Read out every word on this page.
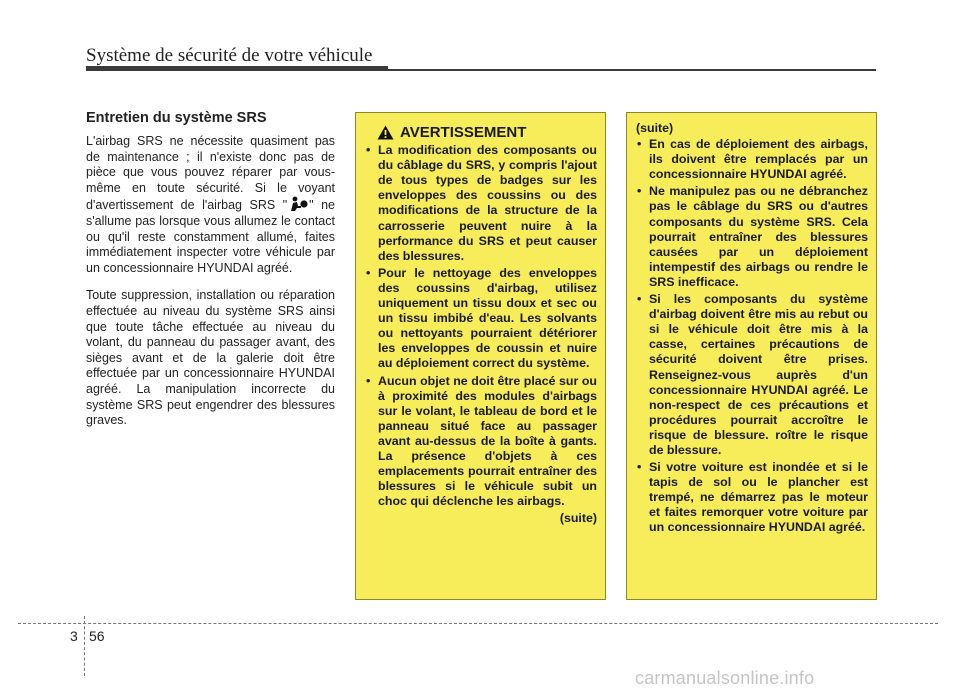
Système de sécurité de votre véhicule
Entretien du système SRS

L'airbag SRS ne nécessite quasiment pas de maintenance ; il n'existe donc pas de pièce que vous pouvez réparer par vous-même en toute sécurité. Si le voyant d'avertissement de l'airbag SRS " " ne s'allume pas lorsque vous allumez le contact ou qu'il reste constamment allumé, faites immédiatement inspecter votre véhicule par un concessionnaire HYUNDAI agréé.

Toute suppression, installation ou réparation effectuée au niveau du système SRS ainsi que toute tâche effectuée au niveau du volant, du panneau du passager avant, des sièges avant et de la galerie doit être effectuée par un concessionnaire HYUNDAI agréé. La manipulation incorrecte du système SRS peut engendrer des blessures graves.

AVERTISSEMENT
• La modification des composants ou du câblage du SRS, y compris l'ajout de tous types de badges sur les enveloppes des coussins ou des modifications de la structure de la carrosserie peuvent nuire à la performance du SRS et peut causer des blessures.
• Pour le nettoyage des enveloppes des coussins d'airbag, utilisez uniquement un tissu doux et sec ou un tissu imbibé d'eau. Les solvants ou nettoyants pourraient détériorer les enveloppes de coussin et nuire au déploiement correct du système.
• Aucun objet ne doit être placé sur ou à proximité des modules d'airbags sur le volant, le tableau de bord et le panneau situé face au passager avant au-dessus de la boîte à gants. La présence d'objets à ces emplacements pourrait entraîner des blessures si le véhicule subit un choc qui déclenche les airbags.
(suite)
(suite)
• En cas de déploiement des airbags, ils doivent être remplacés par un concessionnaire HYUNDAI agréé.
• Ne manipulez pas ou ne débranchez pas le câblage du SRS ou d'autres composants du système SRS. Cela pourrait entraîner des blessures causées par un déploiement intempestif des airbags ou rendre le SRS inefficace.
• Si les composants du système d'airbag doivent être mis au rebut ou si le véhicule doit être mis à la casse, certaines précautions de sécurité doivent être prises. Renseignez-vous auprès d'un concessionnaire HYUNDAI agréé. Le non-respect de ces précautions et procédures pourrait accroître le risque de blessure. roître le risque de blessure.
• Si votre voiture est inondée et si le tapis de sol ou le plancher est trempé, ne démarrez pas le moteur et faites remorquer votre voiture par un concessionnaire HYUNDAI agréé.
3 56
carmanualsonline.info
